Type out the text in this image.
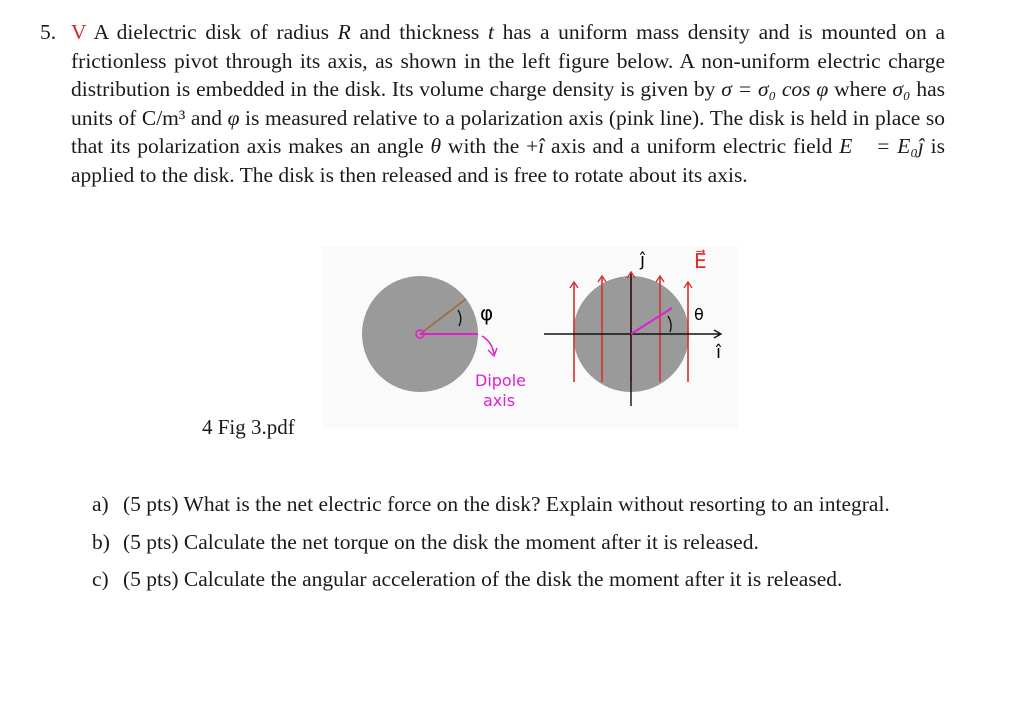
5. V A dielectric disk of radius R and thickness t has a uniform mass density and is mounted on a frictionless pivot through its axis, as shown in the left figure below. A non-uniform electric charge distribution is embedded in the disk. Its volume charge density is given by σ = σ₀ cos φ where σ₀ has units of C/m³ and φ is measured relative to a polarization axis (pink line). The disk is held in place so that its polarization axis makes an angle θ with the +î axis and a uniform electric field E⃗ = E₀ĵ is applied to the disk. The disk is then released and is free to rotate about its axis.
φ
Dipole
axis
θ
î
ĵ E⃗
4 Fig 3.pdf
a) (5 pts) What is the net electric force on the disk? Explain without resorting to an integral.
b) (5 pts) Calculate the net torque on the disk the moment after it is released.
c) (5 pts) Calculate the angular acceleration of the disk the moment after it is released.
